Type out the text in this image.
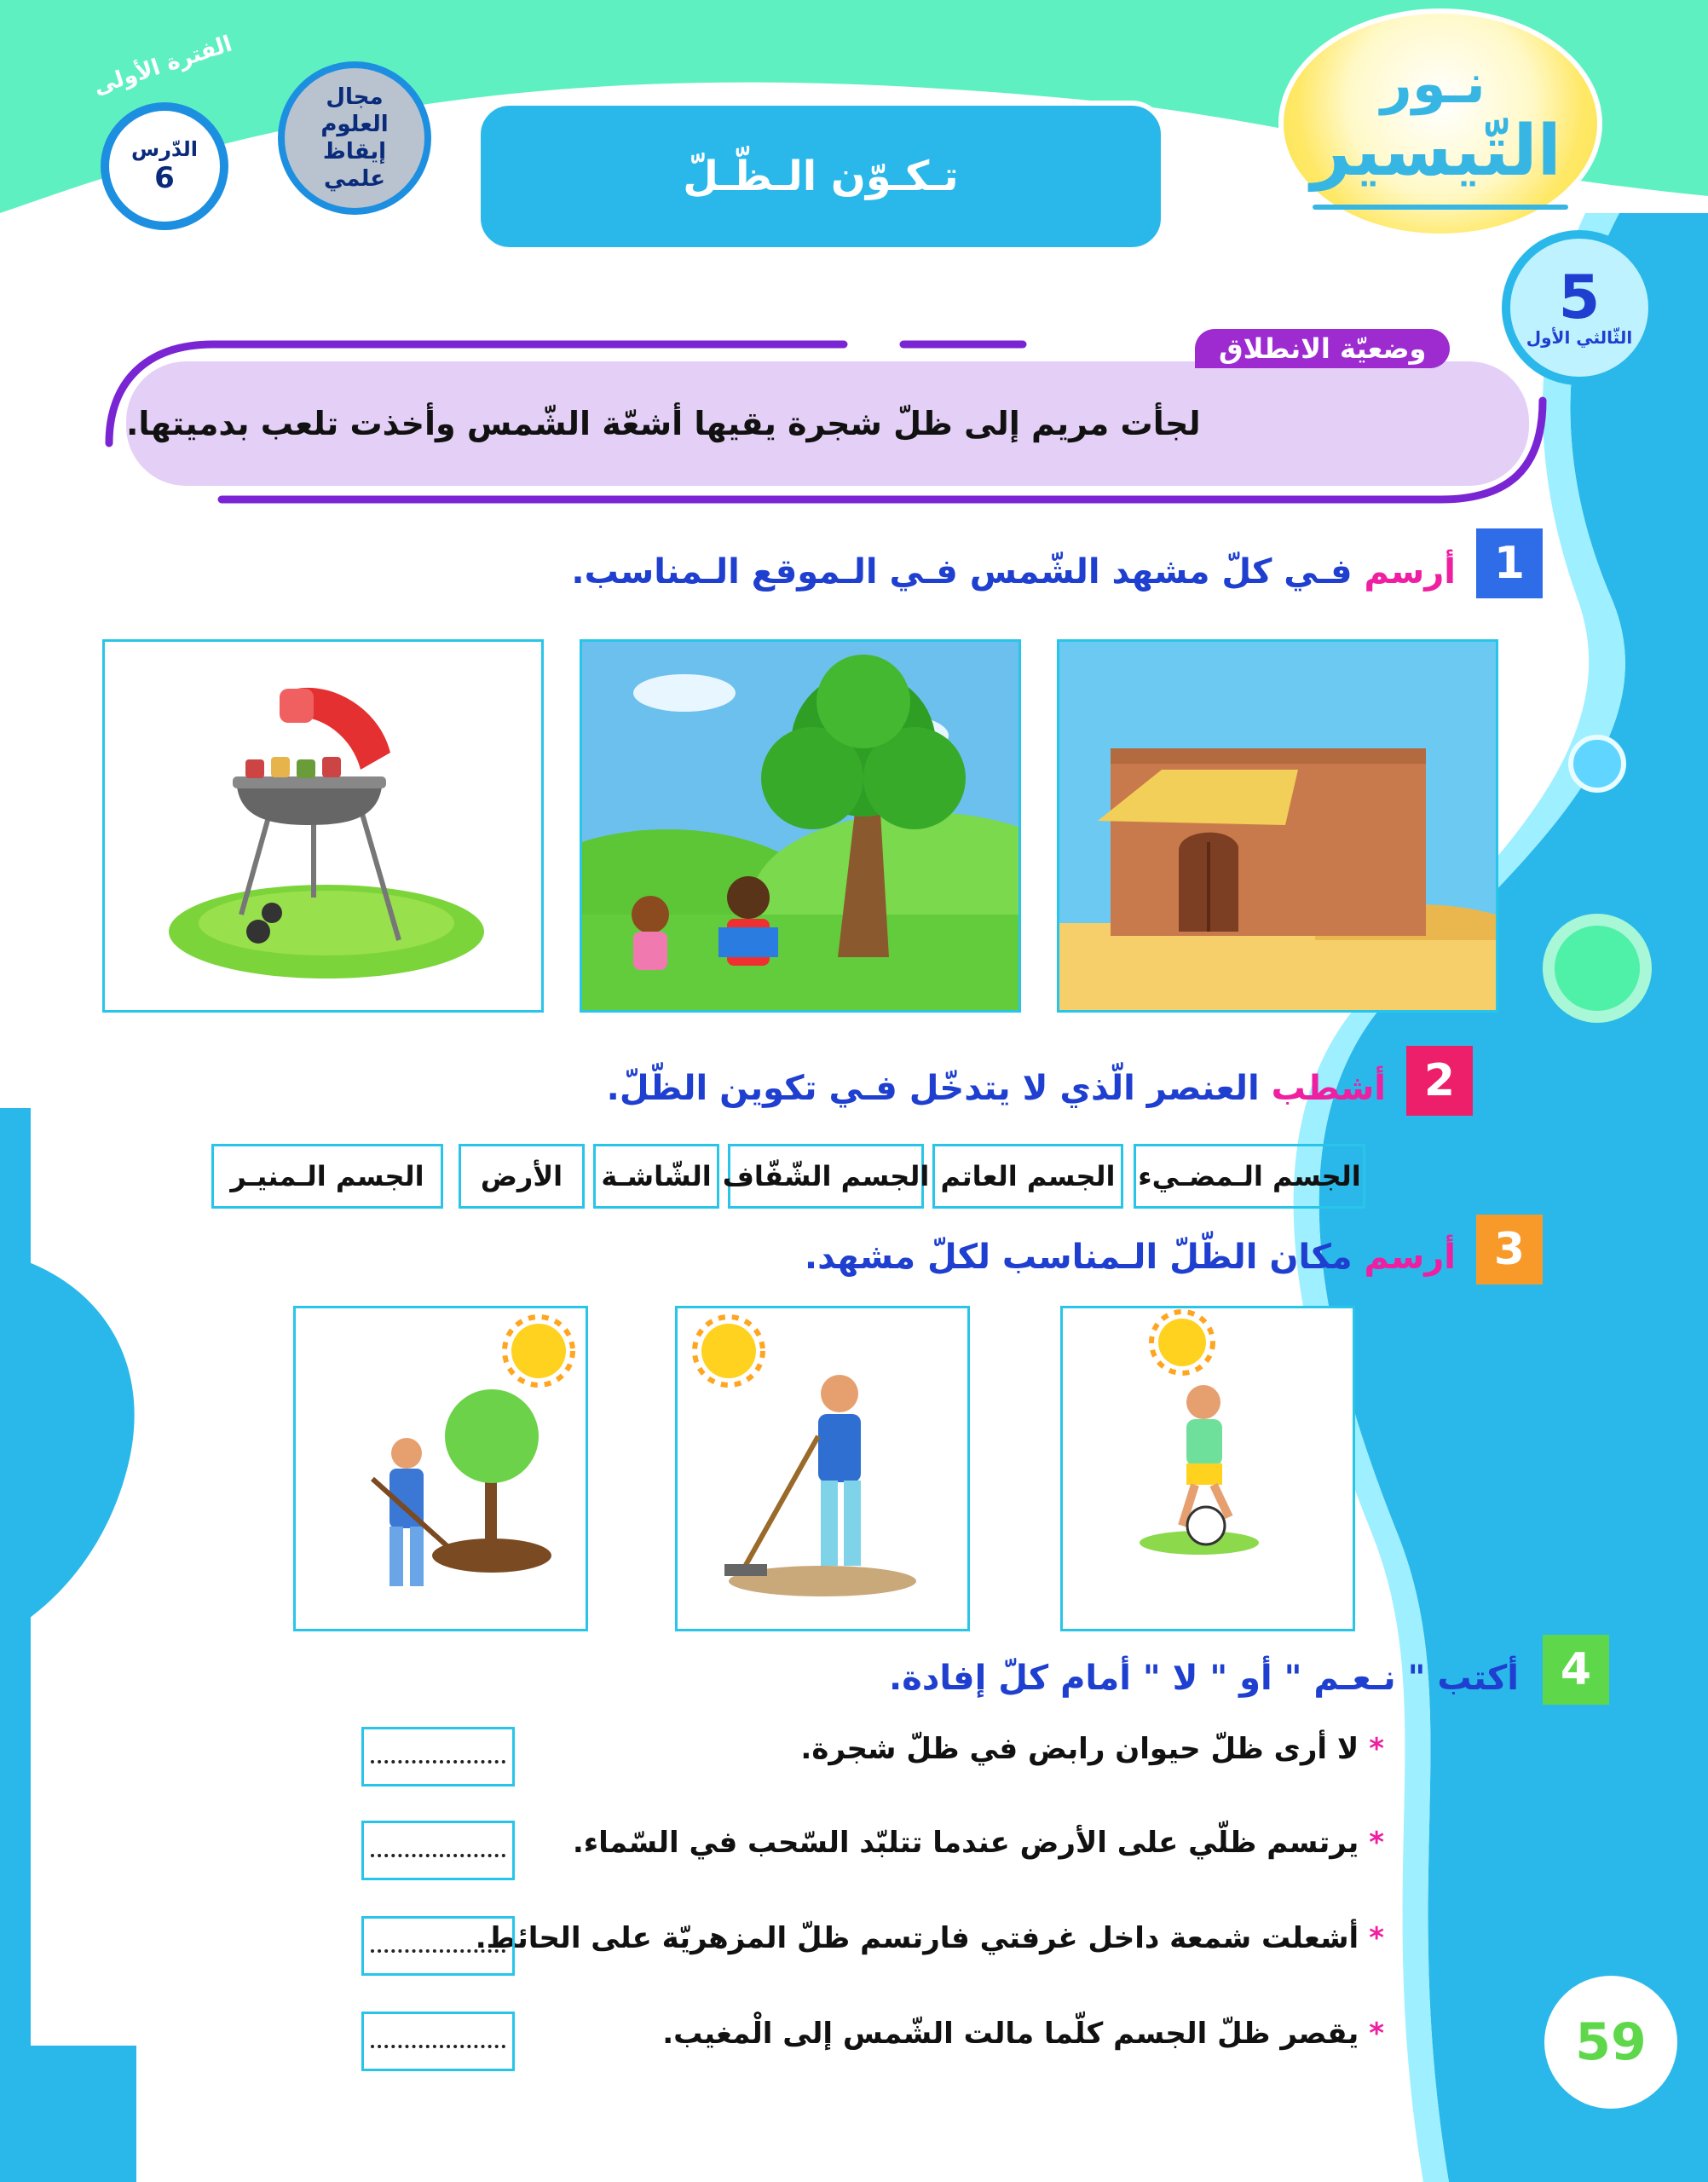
تـكـوّن الـظّـلّ
مجال
العلوم
إيقاظ
علمي
الفترة الأولى
الدّرس
6
نـور
التّيسير
5
الثّالثي الأول
لجأت مريم إلى ظلّ شجرة يقيها أشعّة الشّمس وأخذت تلعب بدميتها.
وضعيّة الانطلاق
1
أرسم فـي كلّ مشهد الشّمس فـي الـموقع الـمناسب.
2
أشطب العنصر الّذي لا يتدخّل فـي تكوين الظّلّ.
الجسم الـمضـيء
الجسم العاتم
الجسم الشّفّاف
الشّاشـة
الأرض
الجسم الـمنيـر
3
أرسم مكان الظّلّ الـمناسب لكلّ مشهد.
4
أكتب " نـعـم " أو " لا " أمام كلّ إفادة.
*لا أرى ظلّ حيوان رابض في ظلّ شجرة.
*يرتسم ظلّي على الأرض عندما تتلبّد السّحب في السّماء.
*أشعلت شمعة داخل غرفتي فارتسم ظلّ المزهريّة على الحائط.
*يقصر ظلّ الجسم كلّما مالت الشّمس إلى الْمغيب.	59
